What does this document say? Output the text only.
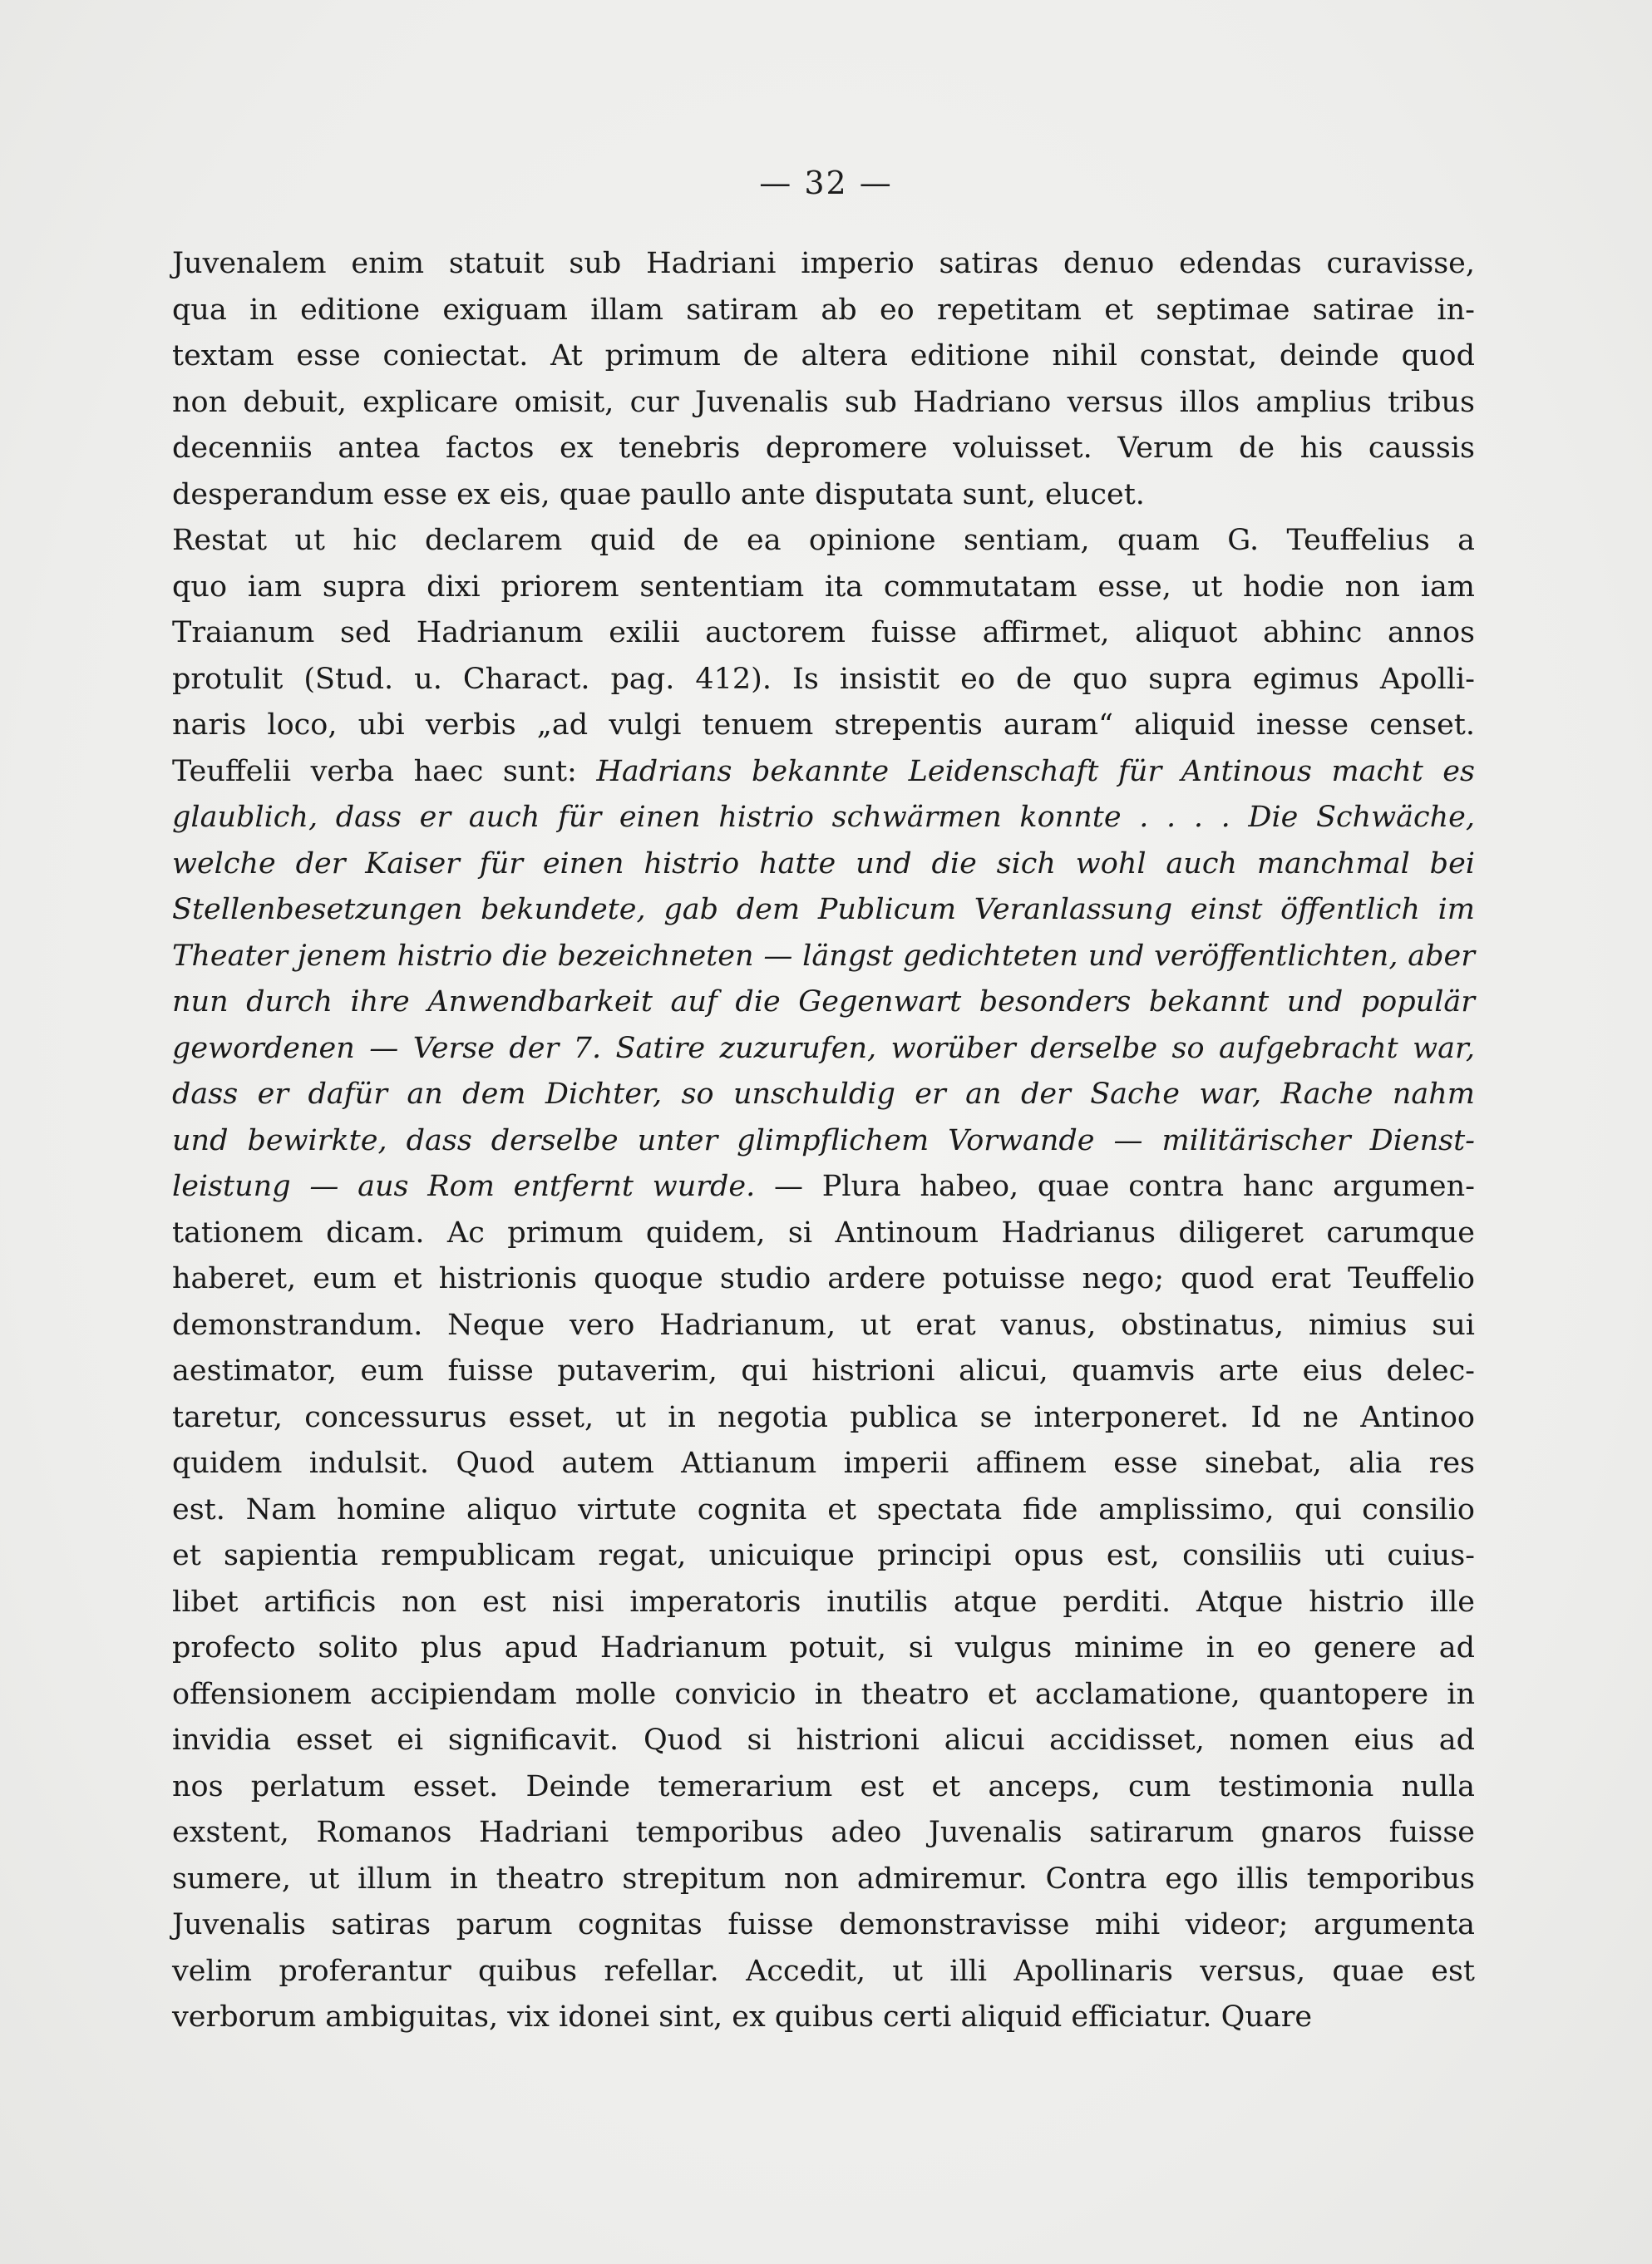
— 32 —
Juvenalem enim statuit sub Hadriani imperio satiras denuo edendas curavisse,
qua in editione exiguam illam satiram ab eo repetitam et septimae satirae in-
textam esse coniectat. At primum de altera editione nihil constat, deinde quod
non debuit, explicare omisit, cur Juvenalis sub Hadriano versus illos amplius tribus
decenniis antea factos ex tenebris depromere voluisset. Verum de his caussis
desperandum esse ex eis, quae paullo ante disputata sunt, elucet.
Restat ut hic declarem quid de ea opinione sentiam, quam G. Teuffelius a
quo iam supra dixi priorem sententiam ita commutatam esse, ut hodie non iam
Traianum sed Hadrianum exilii auctorem fuisse affirmet, aliquot abhinc annos
protulit (Stud. u. Charact. pag. 412). Is insistit eo de quo supra egimus Apolli-
naris loco, ubi verbis „ad vulgi tenuem strepentis auram“ aliquid inesse censet.
Teuffelii verba haec sunt: Hadrians bekannte Leidenschaft für Antinous macht es
glaublich, dass er auch für einen histrio schwärmen konnte . . . . Die Schwäche,
welche der Kaiser für einen histrio hatte und die sich wohl auch manchmal bei
Stellenbesetzungen bekundete, gab dem Publicum Veranlassung einst öffentlich im
Theater jenem histrio die bezeichneten — längst gedichteten und veröffentlichten, aber
nun durch ihre Anwendbarkeit auf die Gegenwart besonders bekannt und populär
gewordenen — Verse der 7. Satire zuzurufen, worüber derselbe so aufgebracht war,
dass er dafür an dem Dichter, so unschuldig er an der Sache war, Rache nahm
und bewirkte, dass derselbe unter glimpflichem Vorwande — militärischer Dienst-
leistung — aus Rom entfernt wurde. — Plura habeo, quae contra hanc argumen-
tationem dicam. Ac primum quidem, si Antinoum Hadrianus diligeret carumque
haberet, eum et histrionis quoque studio ardere potuisse nego; quod erat Teuffelio
demonstrandum. Neque vero Hadrianum, ut erat vanus, obstinatus, nimius sui
aestimator, eum fuisse putaverim, qui histrioni alicui, quamvis arte eius delec-
taretur, concessurus esset, ut in negotia publica se interponeret. Id ne Antinoo
quidem indulsit. Quod autem Attianum imperii affinem esse sinebat, alia res
est. Nam homine aliquo virtute cognita et spectata fide amplissimo, qui consilio
et sapientia rempublicam regat, unicuique principi opus est, consiliis uti cuius-
libet artificis non est nisi imperatoris inutilis atque perditi. Atque histrio ille
profecto solito plus apud Hadrianum potuit, si vulgus minime in eo genere ad
offensionem accipiendam molle convicio in theatro et acclamatione, quantopere in
invidia esset ei significavit. Quod si histrioni alicui accidisset, nomen eius ad
nos perlatum esset. Deinde temerarium est et anceps, cum testimonia nulla
exstent, Romanos Hadriani temporibus adeo Juvenalis satirarum gnaros fuisse
sumere, ut illum in theatro strepitum non admiremur. Contra ego illis temporibus
Juvenalis satiras parum cognitas fuisse demonstravisse mihi videor; argumenta
velim proferantur quibus refellar. Accedit, ut illi Apollinaris versus, quae est
verborum ambiguitas, vix idonei sint, ex quibus certi aliquid efficiatur. Quare
